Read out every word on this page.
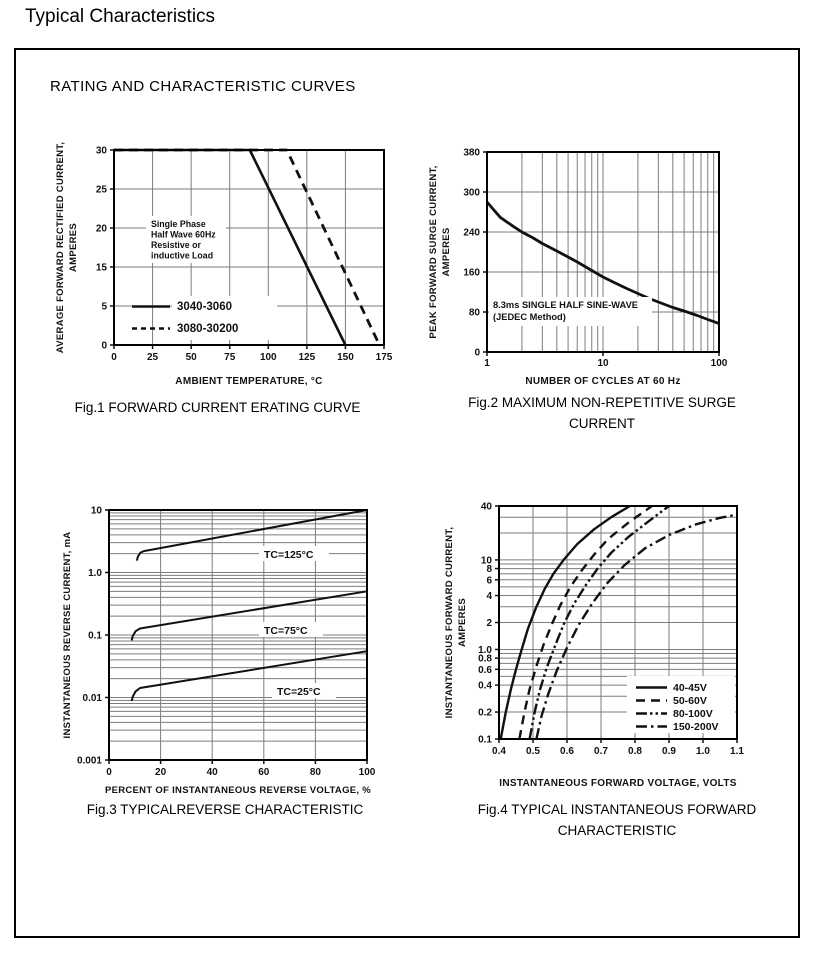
Typical Characteristics
RATING AND CHARACTERISTIC CURVES
Single Phase
Half Wave 60Hz
Resistive or
inductive Load
3040-3060
3080-30200
0	25	50	75 100 125 150 175
30
25
20
15
5
0
AMBIENT TEMPERATURE, °C
AVERAGE FORWARD RECTIFIED CURRENT, AMPERES
Fig.1 FORWARD CURRENT ERATING CURVE
8.3ms SINGLE HALF SINE-WAVE
(JEDEC Method)
1	10	100
380
300
240
160
80
0
NUMBER OF CYCLES AT 60 Hz
PEAK FORWARD SURGE CURRENT, AMPERES
Fig.2 MAXIMUM NON-REPETITIVE SURGE
CURRENT
TC=125°C
TC=75°C
TC=25°C
0	20	40	60	80	100
10
1.0
0.1
0.01
0.001
PERCENT OF INSTANTANEOUS REVERSE VOLTAGE, %
INSTANTANEOUS REVERSE CURRENT, mA
Fig.3 TYPICALREVERSE CHARACTERISTIC
40-45V
50-60V
80-100V
150-200V
0.4 0.5 0.6 0.7 0.8 0.9 1.0 1.1
40
10
8
6
4
2
1.0
0.8
0.6
0.4
0.2
0.1
INSTANTANEOUS FORWARD VOLTAGE, VOLTS
INSTANTANEOUS FORWARD CURRENT, AMPERES
Fig.4 TYPICAL INSTANTANEOUS FORWARD
CHARACTERISTIC
